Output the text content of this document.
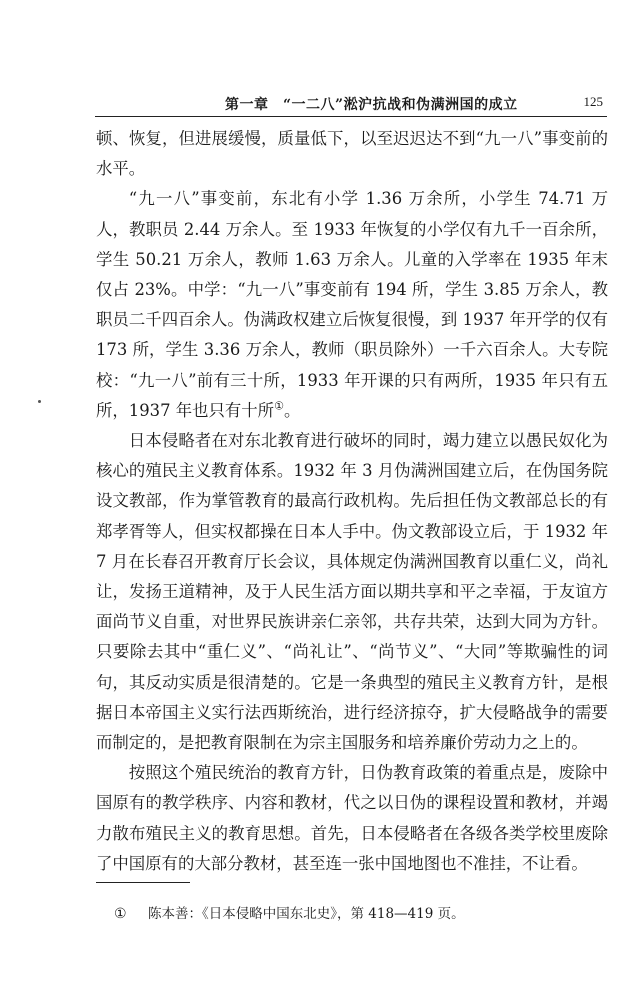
第一章　“一二八”淞沪抗战和伪满洲国的成立	125

顿、恢复，但进展缓慢，质量低下，以至迟迟达不到“九一八”事变前的水平。

“九一八”事变前，东北有小学 1.36 万余所，小学生 74.71 万人，教职员 2.44 万余人。至 1933 年恢复的小学仅有九千一百余所，学生 50.21 万余人，教师 1.63 万余人。儿童的入学率在 1935 年末仅占 23%。中学：“九一八”事变前有 194 所，学生 3.85 万余人，教职员二千四百余人。伪满政权建立后恢复很慢，到 1937 年开学的仅有 173 所，学生 3.36 万余人，教师（职员除外）一千六百余人。大专院校：“九一八”前有三十所，1933 年开课的只有两所，1935 年只有五所，1937 年也只有十所①。

日本侵略者在对东北教育进行破坏的同时，竭力建立以愚民奴化为核心的殖民主义教育体系。1932 年 3 月伪满洲国建立后，在伪国务院设文教部，作为掌管教育的最高行政机构。先后担任伪文教部总长的有郑孝胥等人，但实权都操在日本人手中。伪文教部设立后，于 1932 年 7 月在长春召开教育厅长会议，具体规定伪满洲国教育以重仁义，尚礼让，发扬王道精神，及于人民生活方面以期共享和平之幸福，于友谊方面尚节义自重，对世界民族讲亲仁亲邻，共存共荣，达到大同为方针。只要除去其中“重仁义”、“尚礼让”、“尚节义”、“大同”等欺骗性的词句，其反动实质是很清楚的。它是一条典型的殖民主义教育方针，是根据日本帝国主义实行法西斯统治，进行经济掠夺，扩大侵略战争的需要而制定的，是把教育限制在为宗主国服务和培养廉价劳动力之上的。

按照这个殖民统治的教育方针，日伪教育政策的着重点是，废除中国原有的教学秩序、内容和教材，代之以日伪的课程设置和教材，并竭力散布殖民主义的教育思想。首先，日本侵略者在各级各类学校里废除了中国原有的大部分教材，甚至连一张中国地图也不准挂，不让看。

① 陈本善：《日本侵略中国东北史》，第 418—419 页。
